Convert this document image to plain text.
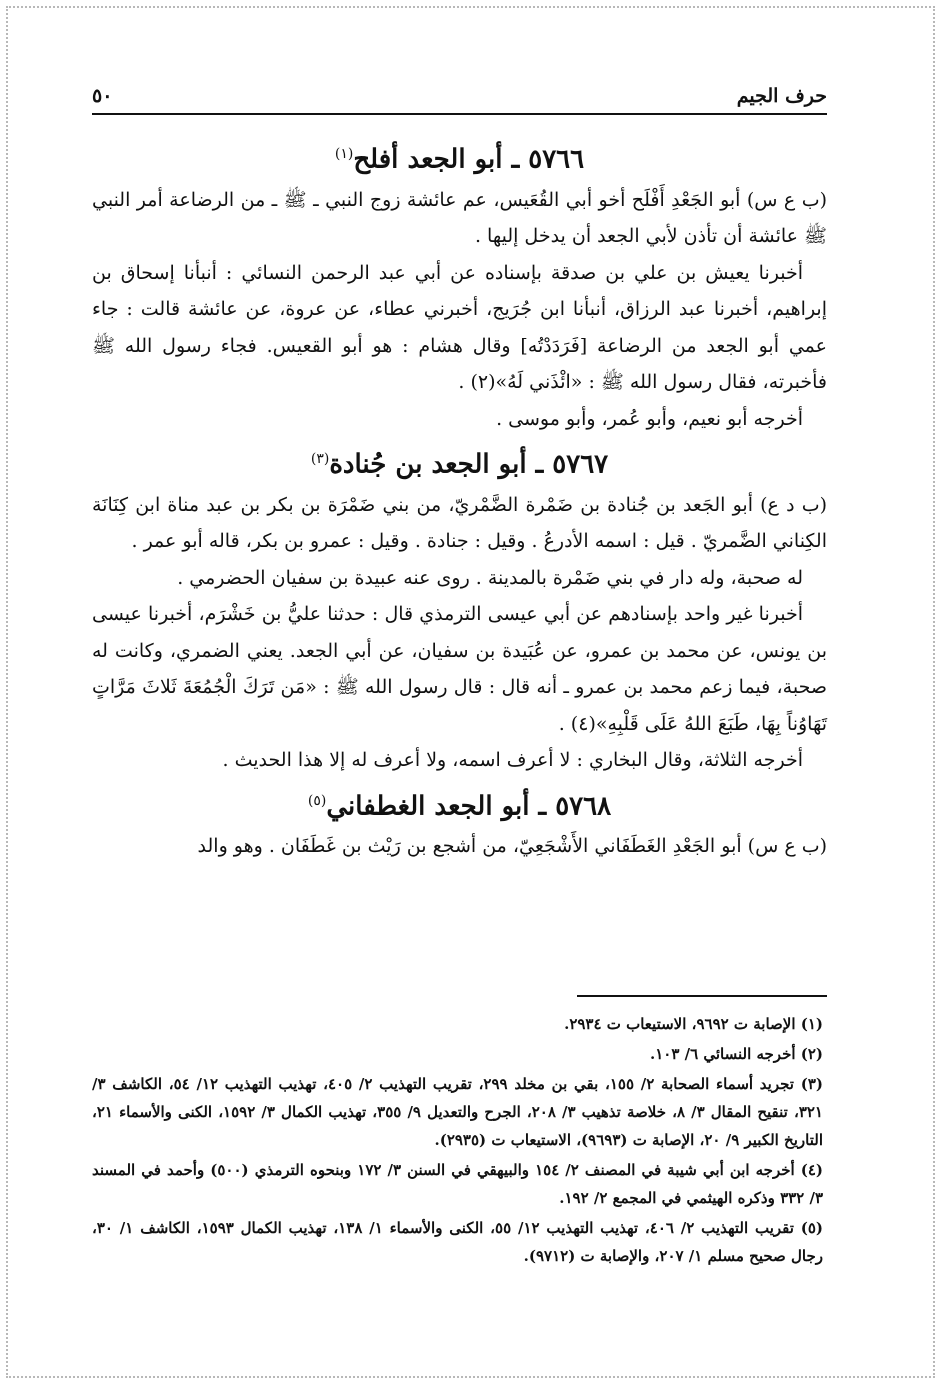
حرف الجيم
٥٠
٥٧٦٦ ـ أبو الجعد أفلح$^{(١)}$

(ب ع س) أبو الجَعْدِ أَفْلَح أخو أبي القُعَيس، عم عائشة زوج النبي ـ ﷺ ـ من الرضاعة أمر النبي ﷺ عائشة أن تأذن لأبي الجعد أن يدخل إليها .

أخبرنا يعيش بن علي بن صدقة بإسناده عن أبي عبد الرحمن النسائي : أنبأنا إسحاق بن إبراهيم، أخبرنا عبد الرزاق، أنبأنا ابن جُرَيج، أخبرني عطاء، عن عروة، عن عائشة قالت : جاء عمي أبو الجعد من الرضاعة [فَرَدَدْتُه] وقال هشام : هو أبو القعيس. فجاء رسول الله ﷺ فأخبرته، فقال رسول الله ﷺ : «ائْذَني لَهُ»(٢) .

أخرجه أبو نعيم، وأبو عُمر، وأبو موسى .

٥٧٦٧ ـ أبو الجعد بن جُنادة$^{(٣)}$

(ب د ع) أبو الجَعد بن جُنادة بن ضَمْرة الضَّمْريّ، من بني ضَمْرَة بن بكر بن عبد مناة ابن كِنَانَة الكِناني الضَّمريّ . قيل : اسمه الأدرعُ . وقيل : جنادة . وقيل : عمرو بن بكر، قاله أبو عمر .

له صحبة، وله دار في بني ضَمْرة بالمدينة . روى عنه عبيدة بن سفيان الحضرمي .

أخبرنا غير واحد بإسنادهم عن أبي عيسى الترمذي قال : حدثنا عليُّ بن خَشْرَم، أخبرنا عيسى بن يونس، عن محمد بن عمرو، عن عُبَيدة بن سفيان، عن أبي الجعد. يعني الضمري، وكانت له صحبة، فيما زعم محمد بن عمرو ـ أنه قال : قال رسول الله ﷺ : «مَن تَرَكَ الْجُمُعَةَ ثَلاثَ مَرَّاتٍ تَهَاوُناً بِهَا، طَبَعَ اللهُ عَلَى قَلْبِهِ»(٤) .

أخرجه الثلاثة، وقال البخاري : لا أعرف اسمه، ولا أعرف له إلا هذا الحديث .

٥٧٦٨ ـ أبو الجعد الغطفاني$^{(٥)}$

(ب ع س) أبو الجَعْدِ الغَطَفَاني الأَشْجَعِيّ، من أشجع بن رَيْث بن غَطَفَان . وهو والد

(١) الإصابة ت ٩٦٩٢، الاستيعاب ت ٢٩٣٤.

(٢) أخرجه النسائي ٦/ ١٠٣.

(٣) تجريد أسماء الصحابة ٢/ ١٥٥، بقي بن مخلد ٢٩٩، تقريب التهذيب ٢/ ٤٠٥، تهذيب التهذيب ١٢/ ٥٤، الكاشف ٣/ ٣٢١، تنقيح المقال ٣/ ٨، خلاصة تذهيب ٣/ ٢٠٨، الجرح والتعديل ٩/ ٣٥٥، تهذيب الكمال ٣/ ١٥٩٢، الكنى والأسماء ٢١، التاريخ الكبير ٩/ ٢٠، الإصابة ت (٩٦٩٣)، الاستيعاب ت (٢٩٣٥).

(٤) أخرجه ابن أبي شيبة في المصنف ٢/ ١٥٤ والبيهقي في السنن ٣/ ١٧٢ وبنحوه الترمذي (٥٠٠) وأحمد في المسند ٣/ ٣٣٢ وذكره الهيثمي في المجمع ٢/ ١٩٢.

(٥) تقريب التهذيب ٢/ ٤٠٦، تهذيب التهذيب ١٢/ ٥٥، الكنى والأسماء ١/ ١٣٨، تهذيب الكمال ١٥٩٣، الكاشف ١/ ٣٠، رجال صحيح مسلم ١/ ٢٠٧، والإصابة ت (٩٧١٢).
